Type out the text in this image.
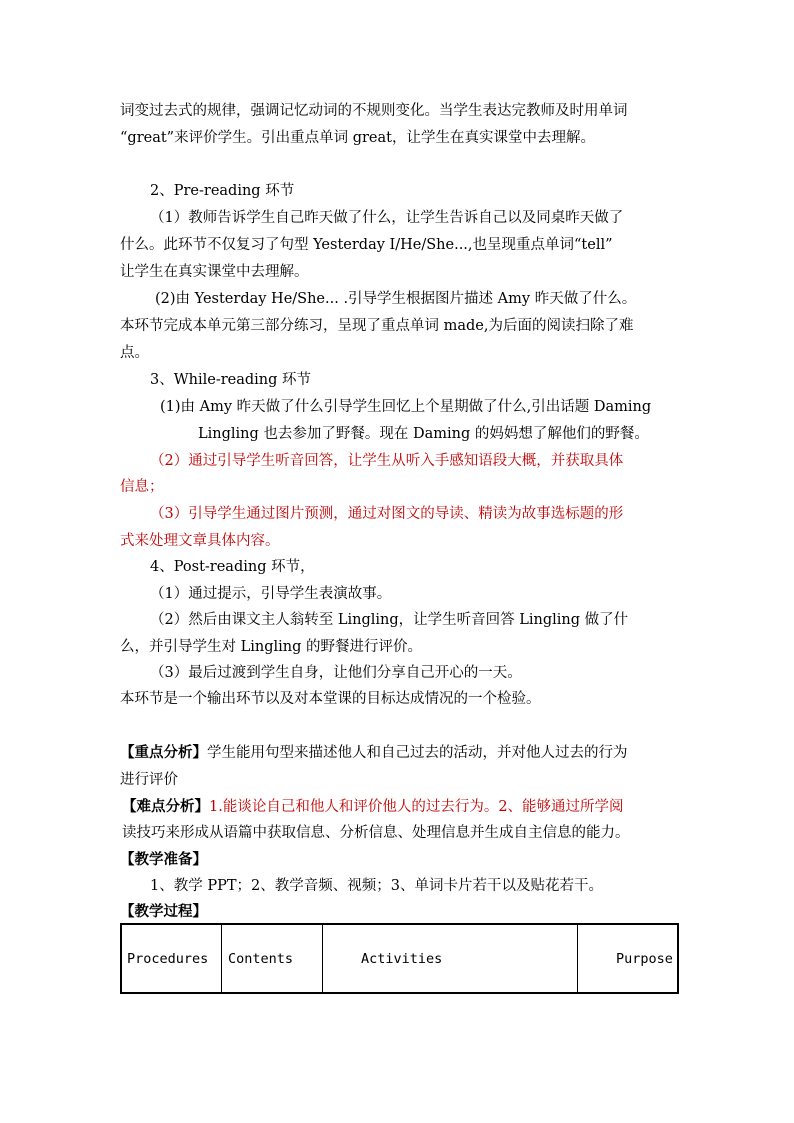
词变过去式的规律，强调记忆动词的不规则变化。当学生表达完教师及时用单词

“great”来评价学生。引出重点单词 great，让学生在真实课堂中去理解。

2、Pre-reading 环节

（1）教师告诉学生自己昨天做了什么，让学生告诉自己以及同桌昨天做了

什么。此环节不仅复习了句型 Yesterday I/He/She...,也呈现重点单词“tell”

让学生在真实课堂中去理解。

(2)由 Yesterday He/She... .引导学生根据图片描述 Amy 昨天做了什么。

本环节完成本单元第三部分练习，呈现了重点单词 made,为后面的阅读扫除了难

点。

3、While-reading 环节

(1)由 Amy 昨天做了什么引导学生回忆上个星期做了什么,引出话题 Daming

Lingling 也去参加了野餐。现在 Daming 的妈妈想了解他们的野餐。

（2）通过引导学生听音回答，让学生从听入手感知语段大概，并获取具体

信息；

（3）引导学生通过图片预测，通过对图文的导读、精读为故事选标题的形

式来处理文章具体内容。

4、Post-reading 环节，

（1）通过提示，引导学生表演故事。

（2）然后由课文主人翁转至 Lingling，让学生听音回答 Lingling 做了什

么，并引导学生对 Lingling 的野餐进行评价。

（3）最后过渡到学生自身，让他们分享自己开心的一天。

本环节是一个输出环节以及对本堂课的目标达成情况的一个检验。

【重点分析】学生能用句型来描述他人和自己过去的活动，并对他人过去的行为

进行评价

【难点分析】1.能谈论自己和他人和评价他人的过去行为。2、能够通过所学阅

读技巧来形成从语篇中获取信息、分析信息、处理信息并生成自主信息的能力。

【教学准备】

1、教学 PPT；2、教学音频、视频；3、单词卡片若干以及贴花若干。

【教学过程】

Procedures	Contents	Activities	Purpose
